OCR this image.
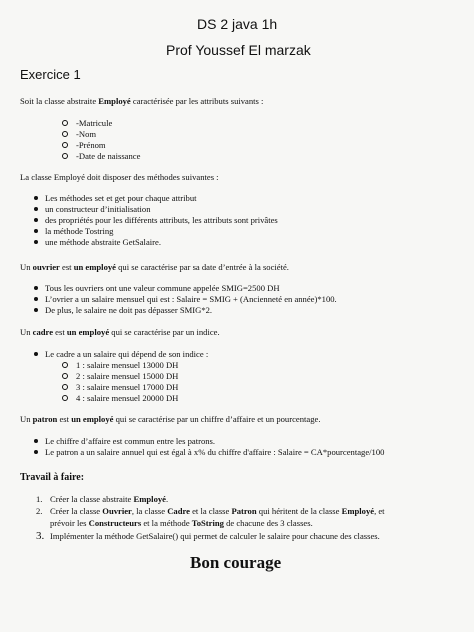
DS 2 java 1h
Prof Youssef El marzak
Exercice 1
Soit la classe abstraite Employé caractérisée par les attributs suivants :
-Matricule
-Nom
-Prénom
-Date de naissance
La classe Employé doit disposer des méthodes suivantes :
Les méthodes set et get pour chaque attribut
un constructeur d’initialisation
des propriétés pour les différents attributs, les attributs sont privâtes
la méthode Tostring
une méthode abstraite GetSalaire.
Un ouvrier est un employé qui se caractérise par sa date d’entrée à la société.
Tous les ouvriers ont une valeur commune appelée SMIG=2500 DH
L’ovrier a un salaire mensuel qui est : Salaire = SMIG + (Ancienneté en année)*100.
De plus, le salaire ne doit pas dépasser SMIG*2.
Un cadre est un employé qui se caractérise par un indice.
Le cadre a un salaire qui dépend de son indice :
1 : salaire mensuel 13000 DH
2 : salaire mensuel 15000 DH
3 : salaire mensuel 17000 DH
4 : salaire mensuel 20000 DH
Un patron est un employé qui se caractérise par un chiffre d’affaire et un pourcentage.
Le chiffre d’affaire est commun entre les patrons.
Le patron a un salaire annuel qui est égal à x% du chiffre d'affaire : Salaire = CA*pourcentage/100
Travail à faire:
1. Créer la classe abstraite Employé.
2. Créer la classe Ouvrier, la classe Cadre et la classe Patron qui héritent de la classe Employé, et
prévoir les Constructeurs et la méthode ToString de chacune des 3 classes.
3. Implémenter la méthode GetSalaire() qui permet de calculer le salaire pour chacune des classes.
Bon courage
